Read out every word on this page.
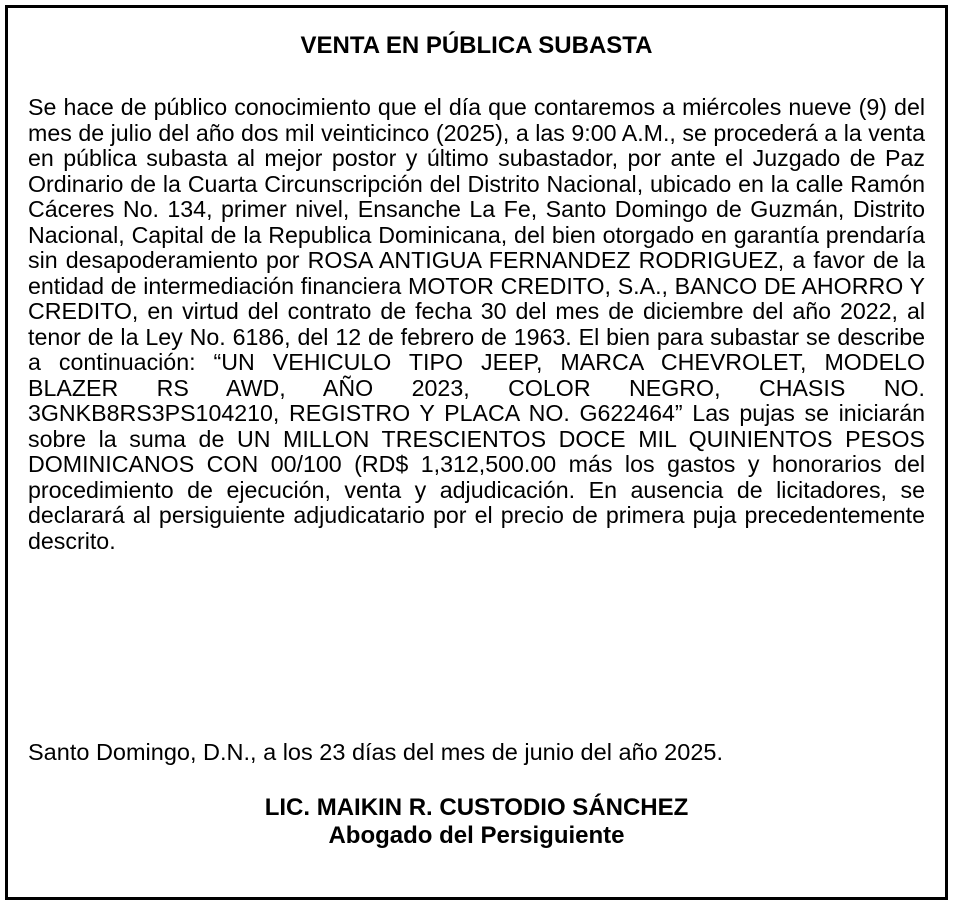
VENTA EN PÚBLICA SUBASTA

Se hace de público conocimiento que el día que contaremos a miércoles nueve (9) del mes de julio del año dos mil veinticinco (2025), a las 9:00 A.M., se procederá a la venta en pública subasta al mejor postor y último subastador, por ante el Juzgado de Paz Ordinario de la Cuarta Circunscripción del Distrito Nacional, ubicado en la calle Ramón Cáceres No. 134, primer nivel, Ensanche La Fe, Santo Domingo de Guzmán, Distrito Nacional, Capital de la Republica Dominicana, del bien otorgado en garantía prendaría sin desapoderamiento por ROSA ANTIGUA FERNANDEZ RODRIGUEZ, a favor de la entidad de intermediación financiera MOTOR CREDITO, S.A., BANCO DE AHORRO Y CREDITO, en virtud del contrato de fecha 30 del mes de diciembre del año 2022, al tenor de la Ley No. 6186, del 12 de febrero de 1963. El bien para subastar se describe a continuación: “UN VEHICULO TIPO JEEP, MARCA CHEVROLET, MODELO BLAZER RS AWD, AÑO 2023, COLOR NEGRO, CHASIS NO. 3GNKB8RS3PS104210, REGISTRO Y PLACA NO. G622464” Las pujas se iniciarán sobre la suma de UN MILLON TRESCIENTOS DOCE MIL QUINIENTOS PESOS DOMINICANOS CON 00/100 (RD$ 1,312,500.00 más los gastos y honorarios del procedimiento de ejecución, venta y adjudicación. En ausencia de licitadores, se declarará al persiguiente adjudicatario por el precio de primera puja precedentemente descrito.

Santo Domingo, D.N., a los 23 días del mes de junio del año 2025.

LIC. MAIKIN R. CUSTODIO SÁNCHEZ
Abogado del Persiguiente
